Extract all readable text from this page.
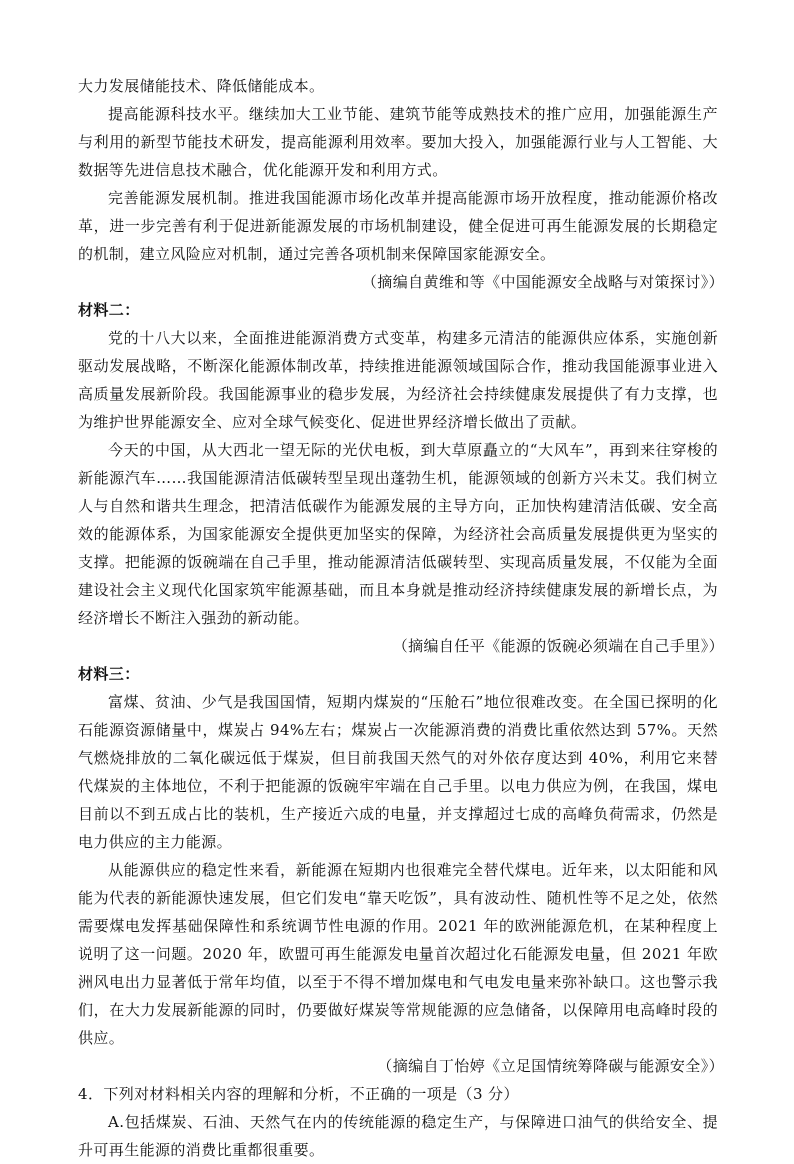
大力发展储能技术、降低储能成本。

提高能源科技水平。继续加大工业节能、建筑节能等成熟技术的推广应用，加强能源生产与利用的新型节能技术研发，提高能源利用效率。要加大投入，加强能源行业与人工智能、大数据等先进信息技术融合，优化能源开发和利用方式。

完善能源发展机制。推进我国能源市场化改革并提高能源市场开放程度，推动能源价格改革，进一步完善有利于促进新能源发展的市场机制建设，健全促进可再生能源发展的长期稳定的机制，建立风险应对机制，通过完善各项机制来保障国家能源安全。

（摘编自黄维和等《中国能源安全战略与对策探讨》）

材料二：

党的十八大以来，全面推进能源消费方式变革，构建多元清洁的能源供应体系，实施创新驱动发展战略，不断深化能源体制改革，持续推进能源领域国际合作，推动我国能源事业进入高质量发展新阶段。我国能源事业的稳步发展，为经济社会持续健康发展提供了有力支撑，也为维护世界能源安全、应对全球气候变化、促进世界经济增长做出了贡献。

今天的中国，从大西北一望无际的光伏电板，到大草原矗立的“大风车”，再到来往穿梭的新能源汽车……我国能源清洁低碳转型呈现出蓬勃生机，能源领域的创新方兴未艾。我们树立人与自然和谐共生理念，把清洁低碳作为能源发展的主导方向，正加快构建清洁低碳、安全高效的能源体系，为国家能源安全提供更加坚实的保障，为经济社会高质量发展提供更为坚实的支撑。把能源的饭碗端在自己手里，推动能源清洁低碳转型、实现高质量发展，不仅能为全面建设社会主义现代化国家筑牢能源基础，而且本身就是推动经济持续健康发展的新增长点，为经济增长不断注入强劲的新动能。

（摘编自任平《能源的饭碗必须端在自己手里》）

材料三：

富煤、贫油、少气是我国国情，短期内煤炭的“压舱石”地位很难改变。在全国已探明的化石能源资源储量中，煤炭占 94%左右；煤炭占一次能源消费的消费比重依然达到 57%。天然气燃烧排放的二氧化碳远低于煤炭，但目前我国天然气的对外依存度达到 40%，利用它来替代煤炭的主体地位，不利于把能源的饭碗牢牢端在自己手里。以电力供应为例，在我国，煤电目前以不到五成占比的装机，生产接近六成的电量，并支撑超过七成的高峰负荷需求，仍然是电力供应的主力能源。

从能源供应的稳定性来看，新能源在短期内也很难完全替代煤电。近年来，以太阳能和风能为代表的新能源快速发展，但它们发电“靠天吃饭”，具有波动性、随机性等不足之处，依然需要煤电发挥基础保障性和系统调节性电源的作用。2021 年的欧洲能源危机，在某种程度上说明了这一问题。2020 年，欧盟可再生能源发电量首次超过化石能源发电量，但 2021 年欧洲风电出力显著低于常年均值，以至于不得不增加煤电和气电发电量来弥补缺口。这也警示我们，在大力发展新能源的同时，仍要做好煤炭等常规能源的应急储备，以保障用电高峰时段的供应。

（摘编自丁怡婷《立足国情统筹降碳与能源安全》）

4．下列对材料相关内容的理解和分析，不正确的一项是（3 分）

A.包括煤炭、石油、天然气在内的传统能源的稳定生产，与保障进口油气的供给安全、提升可再生能源的消费比重都很重要。
